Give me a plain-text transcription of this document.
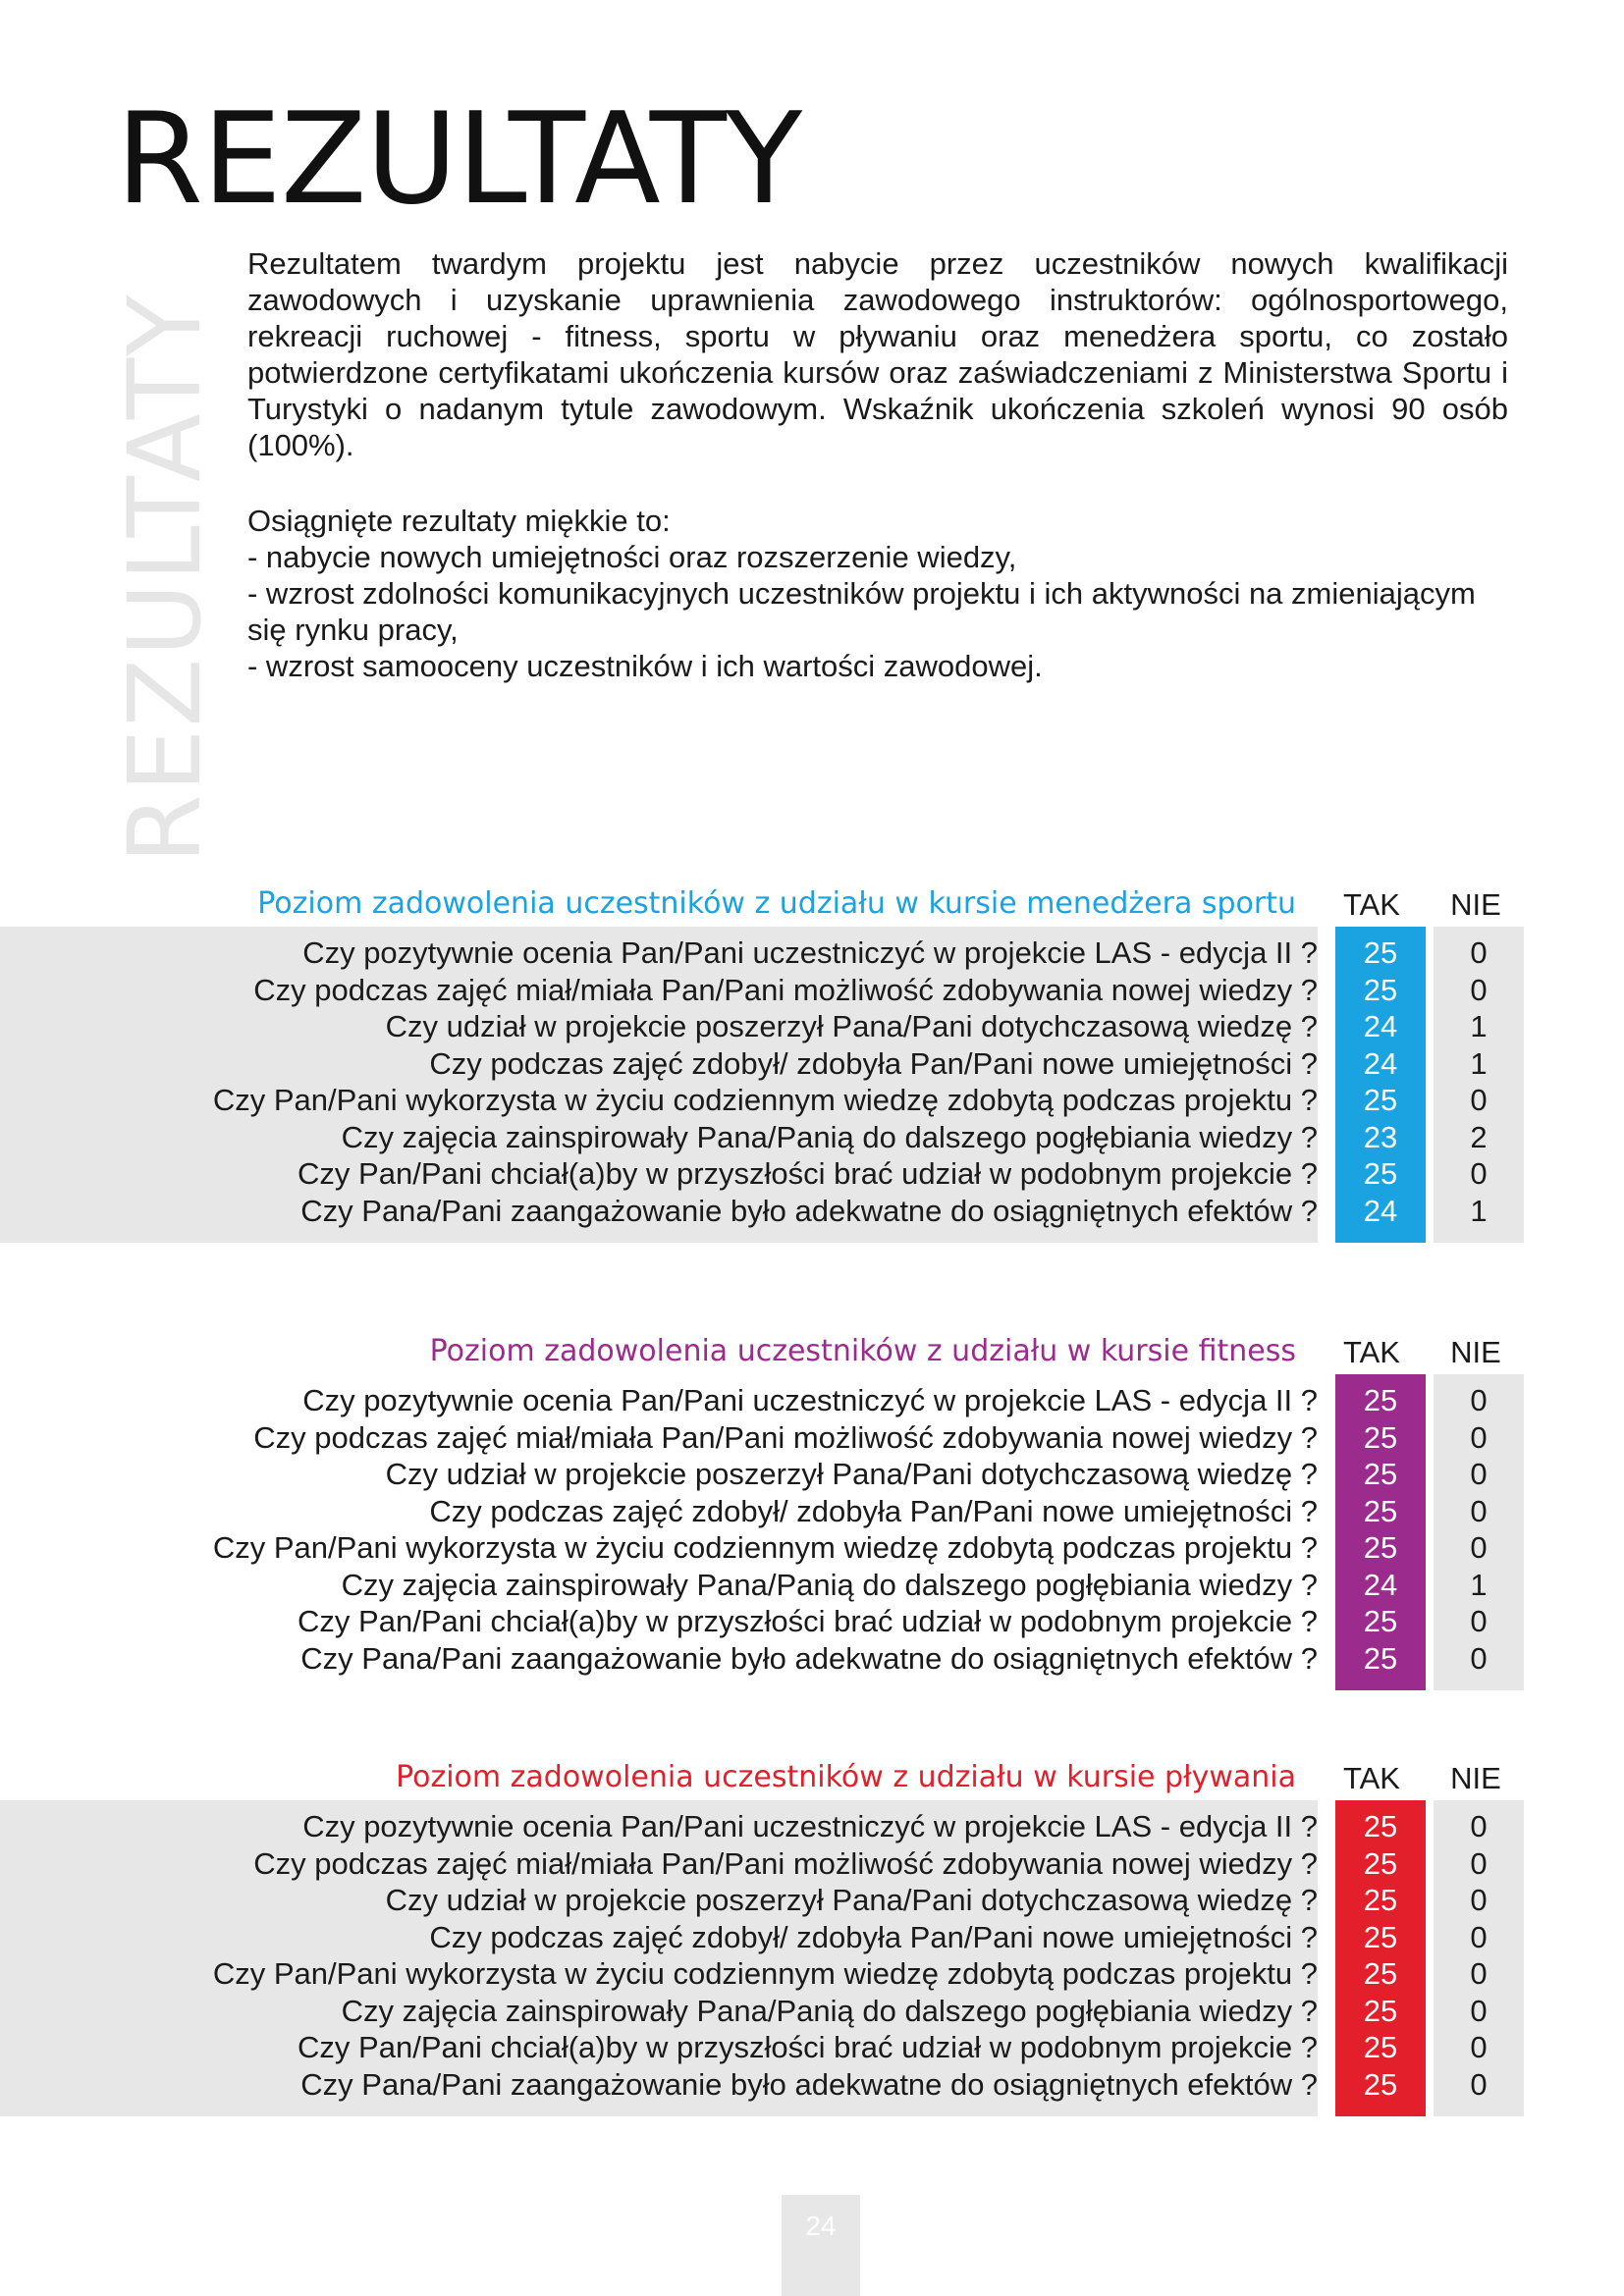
REZULTATY
REZULTATY

Rezultatem twardym projektu jest nabycie przez uczestników nowych kwalifikacji zawodowych i uzyskanie uprawnienia zawodowego instruktorów: ogólnosportowego, rekreacji ruchowej - fitness, sportu w pływaniu oraz menedżera sportu, co zostało potwierdzone certyfikatami ukończenia kursów oraz zaświadczeniami z Ministerstwa Sportu i Turystyki o nadanym tytule zawodowym. Wskaźnik ukończenia szkoleń wynosi 90 osób (100%).

Osiągnięte rezultaty miękkie to:

- nabycie nowych umiejętności oraz rozszerzenie wiedzy,

- wzrost zdolności komunikacyjnych uczestników projektu i ich aktywności na zmieniającym się rynku pracy,

- wzrost samooceny uczestników i ich wartości zawodowej.

Poziom zadowolenia uczestników z udziału w kursie menedżera sportu	TAK	NIE
Czy pozytywnie ocenia Pan/Pani uczestniczyć w projekcie LAS - edycja II ?	25	0
Czy podczas zajęć miał/miała Pan/Pani możliwość zdobywania nowej wiedzy ?	25	0
Czy udział w projekcie poszerzył Pana/Pani dotychczasową wiedzę ?	24	1
Czy podczas zajęć zdobył/ zdobyła Pan/Pani nowe umiejętności ?	24	1
Czy Pan/Pani wykorzysta w życiu codziennym wiedzę zdobytą podczas projektu ?	25	0
Czy zajęcia zainspirowały Pana/Panią do dalszego pogłębiania wiedzy ?	23	2
Czy Pan/Pani chciał(a)by w przyszłości brać udział w podobnym projekcie ?	25	0
Czy Pana/Pani zaangażowanie było adekwatne do osiągniętnych efektów ?	24	1
Poziom zadowolenia uczestników z udziału w kursie fitness	TAK	NIE
Czy pozytywnie ocenia Pan/Pani uczestniczyć w projekcie LAS - edycja II ?	25	0
Czy podczas zajęć miał/miała Pan/Pani możliwość zdobywania nowej wiedzy ?	25	0
Czy udział w projekcie poszerzył Pana/Pani dotychczasową wiedzę ?	25	0
Czy podczas zajęć zdobył/ zdobyła Pan/Pani nowe umiejętności ?	25	0
Czy Pan/Pani wykorzysta w życiu codziennym wiedzę zdobytą podczas projektu ?	25	0
Czy zajęcia zainspirowały Pana/Panią do dalszego pogłębiania wiedzy ?	24	1
Czy Pan/Pani chciał(a)by w przyszłości brać udział w podobnym projekcie ?	25	0
Czy Pana/Pani zaangażowanie było adekwatne do osiągniętnych efektów ?	25	0
Poziom zadowolenia uczestników z udziału w kursie pływania	TAK	NIE
Czy pozytywnie ocenia Pan/Pani uczestniczyć w projekcie LAS - edycja II ?	25	0
Czy podczas zajęć miał/miała Pan/Pani możliwość zdobywania nowej wiedzy ?	25	0
Czy udział w projekcie poszerzył Pana/Pani dotychczasową wiedzę ?	25	0
Czy podczas zajęć zdobył/ zdobyła Pan/Pani nowe umiejętności ?	25	0
Czy Pan/Pani wykorzysta w życiu codziennym wiedzę zdobytą podczas projektu ?	25	0
Czy zajęcia zainspirowały Pana/Panią do dalszego pogłębiania wiedzy ?	25	0
Czy Pan/Pani chciał(a)by w przyszłości brać udział w podobnym projekcie ?	25	0
Czy Pana/Pani zaangażowanie było adekwatne do osiągniętnych efektów ?	25	0
24
